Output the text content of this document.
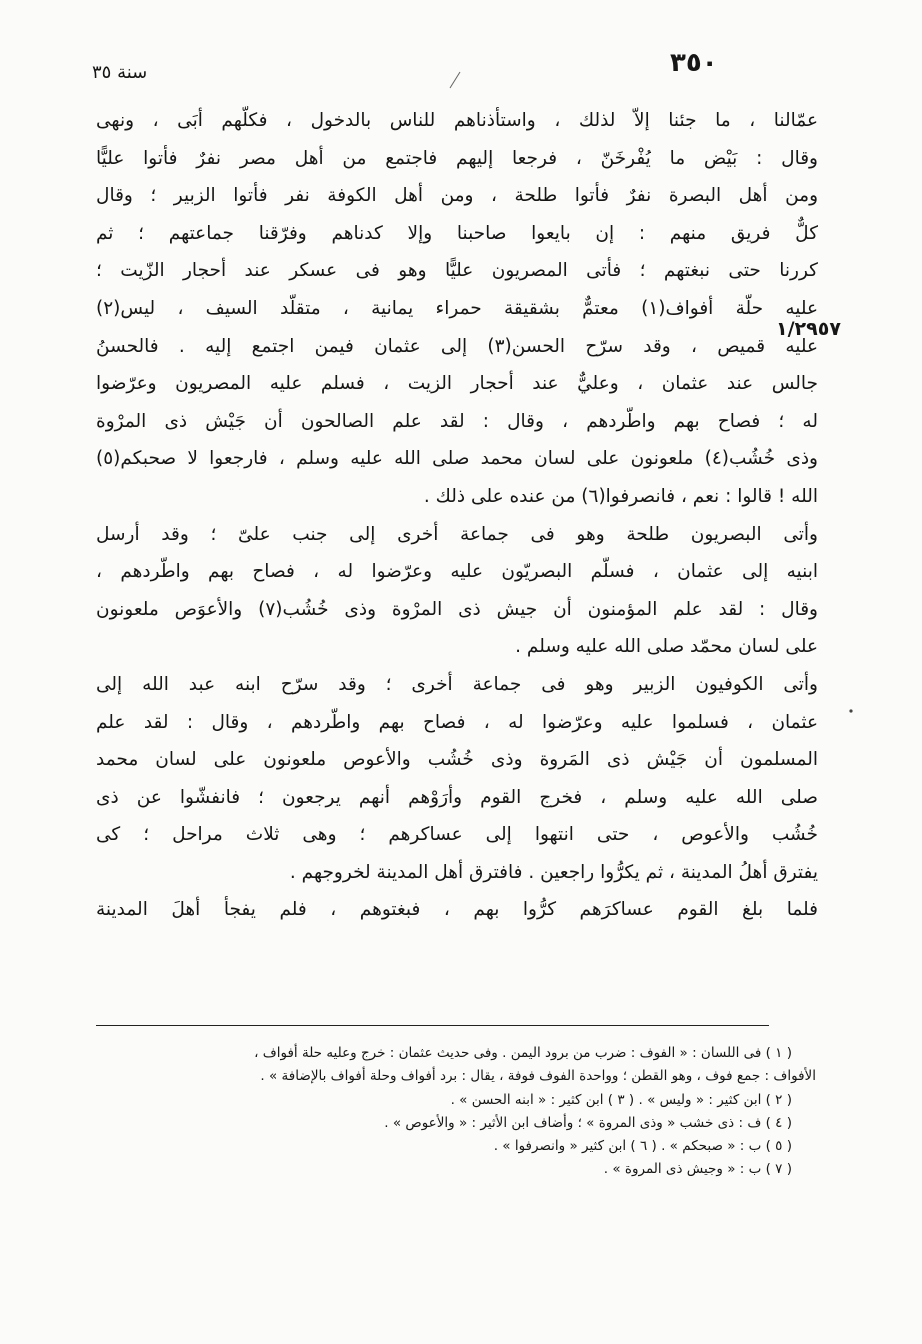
٣٥٠
سنة ٣٥
١/٢٩٥٧
عمّالنا ، ما جئنا إلاّ لذلك ، واستأذناهم للناس بالدخول ، فكلّهم أبَى ، ونهى
وقال : بَيْض ما يُفْرخَنّ ، فرجعا إليهم فاجتمع من أهل مصر نفرٌ فأتوا عليًّا
ومن أهل البصرة نفرٌ فأتوا طلحة ، ومن أهل الكوفة نفر فأتوا الزبير ؛ وقال
كلٌّ فريق منهم : إن بايعوا صاحبنا وإلا كدناهم وفرّقنا جماعتهم ؛ ثم
كررنا حتى نبغتهم ؛ فأتى المصريون عليًّا وهو فى عسكر عند أحجار الزّيت ؛
عليه حلّة أفواف(١) معتمٌّ بشقيقة حمراء يمانية ، متقلّد السيف ، ليس(٢)
عليه قميص ، وقد سرّح الحسن(٣) إلى عثمان فيمن اجتمع إليه . فالحسنُ
جالس عند عثمان ، وعليٌّ عند أحجار الزيت ، فسلم عليه المصريون وعرّضوا
له ؛ فصاح بهم واطّردهم ، وقال : لقد علم الصالحون أن جَيْش ذى المرْوة
وذى خُشُب(٤) ملعونون على لسان محمد صلى الله عليه وسلم ، فارجعوا لا صحبكم(٥)
الله ! قالوا : نعم ، فانصرفوا(٦) من عنده على ذلك .
وأتى البصريون طلحة وهو فى جماعة أخرى إلى جنب علىّ ؛ وقد أرسل
ابنيه إلى عثمان ، فسلّم البصريّون عليه وعرّضوا له ، فصاح بهم واطّردهم ،
وقال : لقد علم المؤمنون أن جيش ذى المرْوة وذى خُشُب(٧) والأعوَص ملعونون
على لسان محمّد صلى الله عليه وسلم .
وأتى الكوفيون الزبير وهو فى جماعة أخرى ؛ وقد سرّح ابنه عبد الله إلى
عثمان ، فسلموا عليه وعرّضوا له ، فصاح بهم واطّردهم ، وقال : لقد علم
المسلمون أن جَيْش ذى المَروة وذى خُشُب والأعوص ملعونون على لسان محمد
صلى الله عليه وسلم ، فخرج القوم وأرَوْهم أنهم يرجعون ؛ فانفشّوا عن ذى
خُشُب والأعوص ، حتى انتهوا إلى عساكرهم ؛ وهى ثلاث مراحل ؛ كى
يفترق أهلُ المدينة ، ثم يكرُّوا راجعين . فافترق أهل المدينة لخروجهم .
فلما بلغ القوم عساكرَهم كرُّوا بهم ، فبغتوهم ، فلم يفجأ أهلَ المدينة
( ١ ) فى اللسان : « الفوف : ضرب من برود اليمن . وفى حديث عثمان : خرج وعليه حلة أفواف ،
الأفواف : جمع فوف ، وهو القطن ؛ وواحدة الفوف فوفة ، يقال : برد أفواف وحلة أفواف بالإضافة » .
( ٢ ) ابن كثير : « وليس » . ( ٣ ) ابن كثير : « ابنه الحسن » .
( ٤ ) ف : ذى خشب « وذى المروة » ؛ وأضاف ابن الأثير : « والأعوص » .
( ٥ ) ب : « صبحكم » . ( ٦ ) ابن كثير « وانصرفوا » .
( ٧ ) ب : « وجيش ذى المروة » .
